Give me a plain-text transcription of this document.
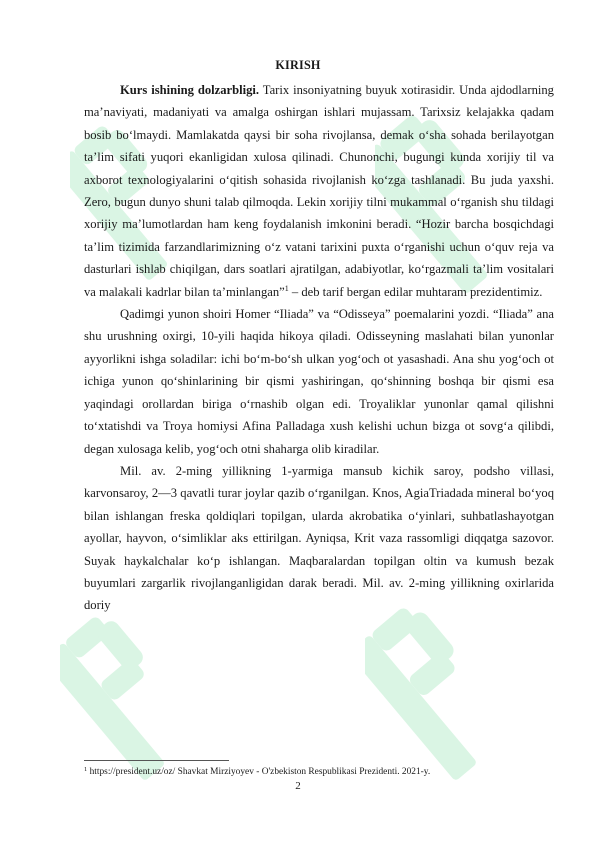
KIRISH

Kurs ishining dolzarbligi. Tarix insoniyatning buyuk xotirasidir. Unda ajdodlarning ma’naviyati, madaniyati va amalga oshirgan ishlari mujassam. Tarixsiz kelajakka qadam bosib bo‘lmaydi. Mamlakatda qaysi bir soha rivojlansa, demak o‘sha sohada berilayotgan ta’lim sifati yuqori ekanligidan xulosa qilinadi. Chunonchi, bugungi kunda xorijiy til va axborot texnologiyalarini o‘qitish sohasida rivojlanish ko‘zga tashlanadi. Bu juda yaxshi. Zero, bugun dunyo shuni talab qilmoqda. Lekin xorijiy tilni mukammal o‘rganish shu tildagi xorijiy ma’lumotlardan ham keng foydalanish imkonini beradi. “Hozir barcha bosqichdagi ta’lim tizimida farzandlarimizning o‘z vatani tarixini puxta o‘rganishi uchun o‘quv reja va dasturlari ishlab chiqilgan, dars soatlari ajratilgan, adabiyotlar, ko‘rgazmali ta’lim vositalari va malakali kadrlar bilan ta’minlangan”$^1$ – deb tarif bergan edilar muhtaram prezidentimiz.

Qadimgi yunon shoiri Homer “Iliada” va “Odisseya” poemalarini yozdi. “Iliada” ana shu urushning oxirgi, 10-yili haqida hikoya qiladi. Odisseyning maslahati bilan yunonlar ayyorlikni ishga soladilar: ichi bo‘m-bo‘sh ulkan yog‘och ot yasashadi. Ana shu yog‘och ot ichiga yunon qo‘shinlarining bir qismi yashiringan, qo‘shinning boshqa bir qismi esa yaqindagi orollardan biriga o‘rnashib olgan edi. Troyaliklar yunonlar qamal qilishni to‘xtatishdi va Troya homiysi Afina Palladaga xush kelishi uchun bizga ot sovg‘a qilibdi, degan xulosaga kelib, yog‘och otni shaharga olib kiradilar.

Mil. av. 2-ming yillikning 1-yarmiga mansub kichik saroy, podsho villasi, karvonsaroy, 2—3 qavatli turar joylar qazib o‘rganilgan. Knos, AgiaTriadada mineral bo‘yoq bilan ishlangan freska qoldiqlari topilgan, ularda akrobatika o‘yinlari, suhbatlashayotgan ayollar, hayvon, o‘simliklar aks ettirilgan. Ayniqsa, Krit vaza rassomligi diqqatga sazovor. Suyak haykalchalar ko‘p ishlangan. Maqbaralardan topilgan oltin va kumush bezak buyumlari zargarlik rivojlanganligidan darak beradi. Mil. av. 2-ming yillikning oxirlarida doriy

$^1$ https://president.uz/oz/ Shavkat Mirziyoyev - O'zbekiston Respublikasi Prezidenti. 2021-y.
2
